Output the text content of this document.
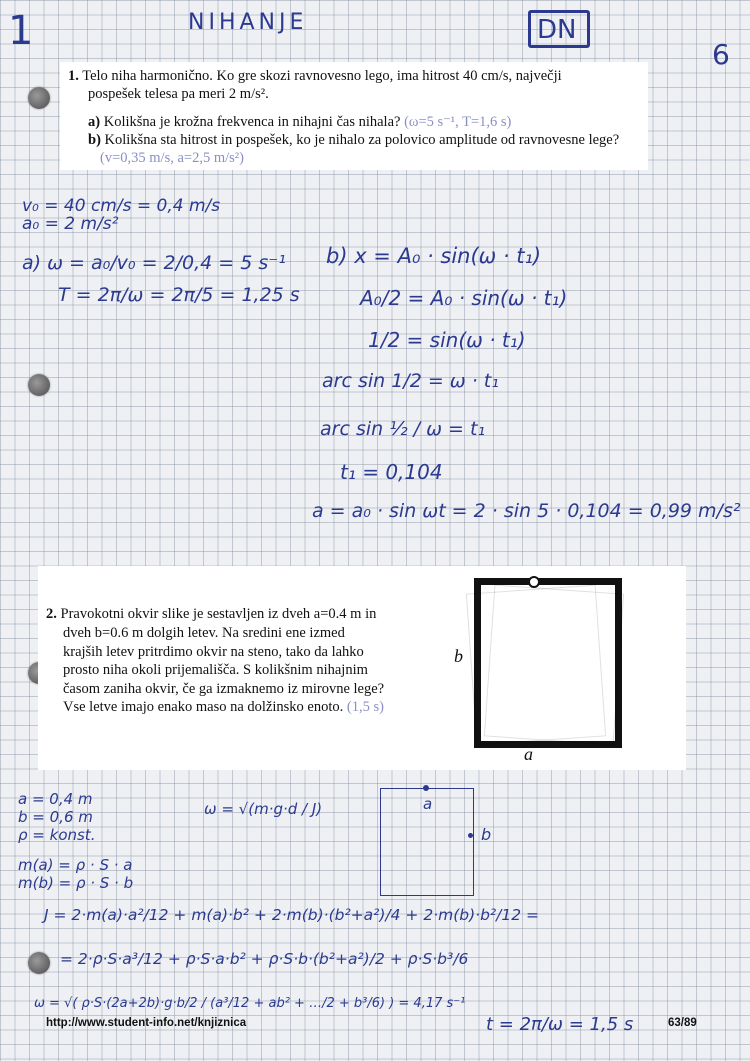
1	NIHANJE	DN
6
1. Telo niha harmonično. Ko gre skozi ravnovesno lego, ima hitrost 40 cm/s, največji
pospešek telesa pa meri 2 m/s².
a) Kolikšna je krožna frekvenca in nihajni čas nihala? (ω=5 s⁻¹, T=1,6 s)
b) Kolikšna sta hitrost in pospešek, ko je nihalo za polovico amplitude od ravnovesne lege?
(v=0,35 m/s, a=2,5 m/s²)
v₀ = 40 cm/s = 0,4 m/s
a₀ = 2 m/s²
a) ω = a₀/v₀ = 2/0,4 = 5 s⁻¹
T = 2π/ω = 2π/5 = 1,25 s
b) x = A₀ · sin(ω · t₁)
A₀/2 = A₀ · sin(ω · t₁)
1/2 = sin(ω · t₁)
arc sin 1/2 = ω · t₁
arc sin ½ / ω = t₁
t₁ = 0,104
a = a₀ · sin ωt = 2 · sin 5 · 0,104 = 0,99 m/s²
2. Pravokotni okvir slike je sestavljen iz dveh a=0.4 m in
dveh b=0.6 m dolgih letev. Na sredini ene izmed
krajših letev pritrdimo okvir na steno, tako da lahko
prosto niha okoli prijemališča. S kolikšnim nihajnim
časom zaniha okvir, če ga izmaknemo iz mirovne lege?
Vse letve imajo enako maso na dolžinsko enoto. (1,5 s)
b
a
a = 0,4 m
b = 0,6 m
ρ = konst.
m(a) = ρ · S · a
m(b) = ρ · S · b
ω = √(m·g·d / J)	a
b
J = 2·m(a)·a²/12 + m(a)·b² + 2·m(b)·(b²+a²)/4 + 2·m(b)·b²/12 =
= 2·ρ·S·a³/12 + ρ·S·a·b² + ρ·S·b·(b²+a²)/2 + ρ·S·b³/6
ω = √( ρ·S·(2a+2b)·g·b/2 / (a³/12 + ab² + …/2 + b³/6) ) = 4,17 s⁻¹
t = 2π/ω = 1,5 s
http://www.student-info.net/knjiznica	63/89
